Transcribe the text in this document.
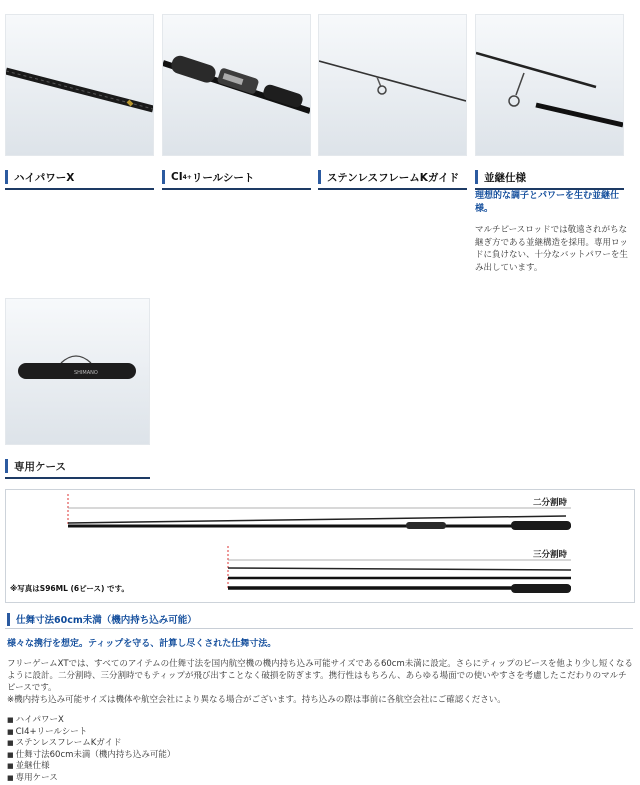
ハイパワーX	CI 4+ リールシート	ステンレスフレームKガイド	並継仕様
理想的な調子とパワーを生む並継仕様。
マルチピースロッドでは敬遠されがちな継ぎ方である並継構造を採用。専用ロッドに負けない、十分なバットパワーを生み出しています。
SHIMANO
専用ケース
二分割時
三分割時
※写真はS96ML (6ピース) です。
仕舞寸法60cm未満（機内持ち込み可能）
様々な携行を想定。ティップを守る、計算し尽くされた仕舞寸法。
フリーゲームXTでは、すべてのアイテムの仕舞寸法を国内航空機の機内持ち込み可能サイズである60cm未満に設定。さらにティップのピースを他より少し短くなるように設計。二分割時、三分割時でもティップが飛び出すことなく破損を防ぎます。携行性はもちろん、あらゆる場面での使いやすさを考慮したこだわりのマルチピースです。
※機内持ち込み可能サイズは機体や航空会社により異なる場合がございます。持ち込みの際は事前に各航空会社にご確認ください。
■ ハイパワーX
■ CI4+リールシート
■ ステンレスフレームKガイド
■ 仕舞寸法60cm未満（機内持ち込み可能）
■ 並継仕様
■ 専用ケース
